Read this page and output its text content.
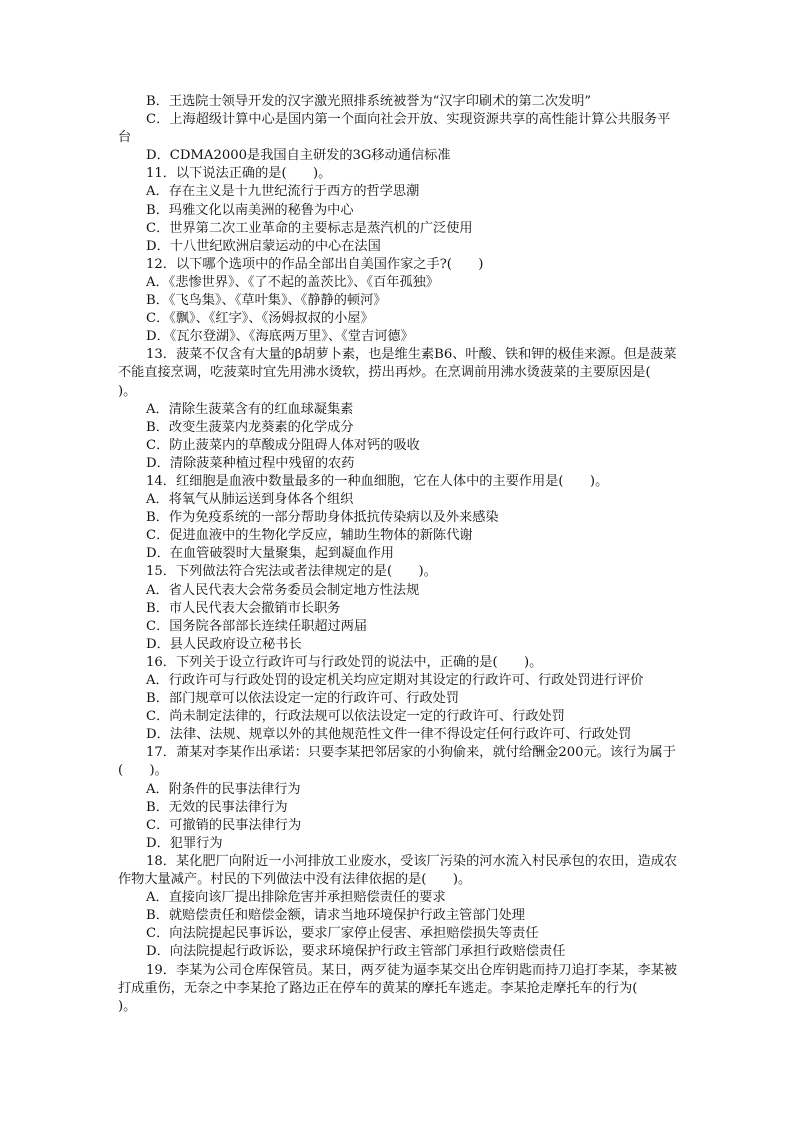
B．王选院士领导开发的汉字激光照排系统被誉为“汉字印刷术的第二次发明”
C．上海超级计算中心是国内第一个面向社会开放、实现资源共享的高性能计算公共服务平台
D．CDMA2000是我国自主研发的3G移动通信标准
11．以下说法正确的是(　　)。
A．存在主义是十九世纪流行于西方的哲学思潮
B．玛雅文化以南美洲的秘鲁为中心
C．世界第二次工业革命的主要标志是蒸汽机的广泛使用
D．十八世纪欧洲启蒙运动的中心在法国
12．以下哪个选项中的作品全部出自美国作家之手?(　　)
A．《悲惨世界》、《了不起的盖茨比》、《百年孤独》
B．《飞鸟集》、《草叶集》、《静静的顿河》
C．《飘》、《红字》、《汤姆叔叔的小屋》
D．《瓦尔登湖》、《海底两万里》、《堂吉诃德》
13．菠菜不仅含有大量的β胡萝卜素，也是维生素B6、叶酸、铁和钾的极佳来源。但是菠菜不能直接烹调，吃菠菜时宜先用沸水烫软，捞出再炒。在烹调前用沸水烫菠菜的主要原因是(　　)。
A．清除生菠菜含有的红血球凝集素
B．改变生菠菜内龙葵素的化学成分
C．防止菠菜内的草酸成分阻碍人体对钙的吸收
D．清除菠菜种植过程中残留的农药
14．红细胞是血液中数量最多的一种血细胞，它在人体中的主要作用是(　　)。
A．将氧气从肺运送到身体各个组织
B．作为免疫系统的一部分帮助身体抵抗传染病以及外来感染
C．促进血液中的生物化学反应，辅助生物体的新陈代谢
D．在血管破裂时大量聚集，起到凝血作用
15．下列做法符合宪法或者法律规定的是(　　)。
A．省人民代表大会常务委员会制定地方性法规
B．市人民代表大会撤销市长职务
C．国务院各部部长连续任职超过两届
D．县人民政府设立秘书长
16．下列关于设立行政许可与行政处罚的说法中，正确的是(　　)。
A．行政许可与行政处罚的设定机关均应定期对其设定的行政许可、行政处罚进行评价
B．部门规章可以依法设定一定的行政许可、行政处罚
C．尚未制定法律的，行政法规可以依法设定一定的行政许可、行政处罚
D．法律、法规、规章以外的其他规范性文件一律不得设定任何行政许可、行政处罚
17．萧某对李某作出承诺：只要李某把邻居家的小狗偷来，就付给酬金200元。该行为属于(　　)。
A．附条件的民事法律行为
B．无效的民事法律行为
C．可撤销的民事法律行为
D．犯罪行为
18．某化肥厂向附近一小河排放工业废水，受该厂污染的河水流入村民承包的农田，造成农作物大量减产。村民的下列做法中没有法律依据的是(　　)。
A．直接向该厂提出排除危害并承担赔偿责任的要求
B．就赔偿责任和赔偿金额，请求当地环境保护行政主管部门处理
C．向法院提起民事诉讼，要求厂家停止侵害、承担赔偿损失等责任
D．向法院提起行政诉讼，要求环境保护行政主管部门承担行政赔偿责任
19．李某为公司仓库保管员。某日，两歹徒为逼李某交出仓库钥匙而持刀追打李某，李某被打成重伤，无奈之中李某抢了路边正在停车的黄某的摩托车逃走。李某抢走摩托车的行为(　　)。
